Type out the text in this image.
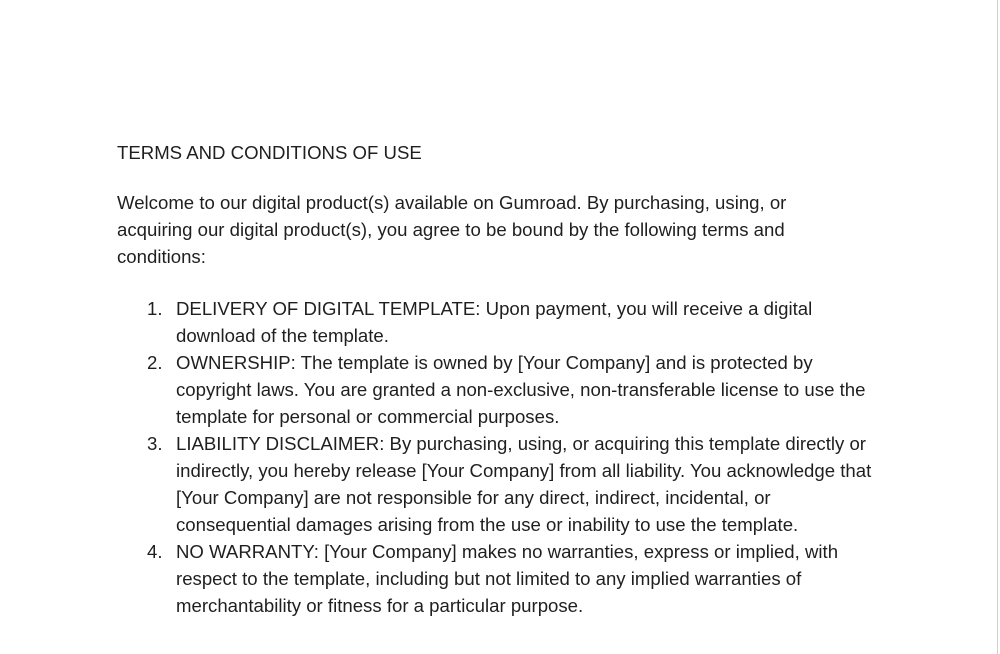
TERMS AND CONDITIONS OF USE

Welcome to our digital product(s) available on Gumroad. By purchasing, using, or acquiring our digital product(s), you agree to be bound by the following terms and conditions:

1. DELIVERY OF DIGITAL TEMPLATE: Upon payment, you will receive a digital download of the template.
2. OWNERSHIP: The template is owned by [Your Company] and is protected by copyright laws. You are granted a non-exclusive, non-transferable license to use the template for personal or commercial purposes.
3. LIABILITY DISCLAIMER: By purchasing, using, or acquiring this template directly or indirectly, you hereby release [Your Company] from all liability. You acknowledge that [Your Company] are not responsible for any direct, indirect, incidental, or consequential damages arising from the use or inability to use the template.
4. NO WARRANTY: [Your Company] makes no warranties, express or implied, with respect to the template, including but not limited to any implied warranties of merchantability or fitness for a particular purpose.
